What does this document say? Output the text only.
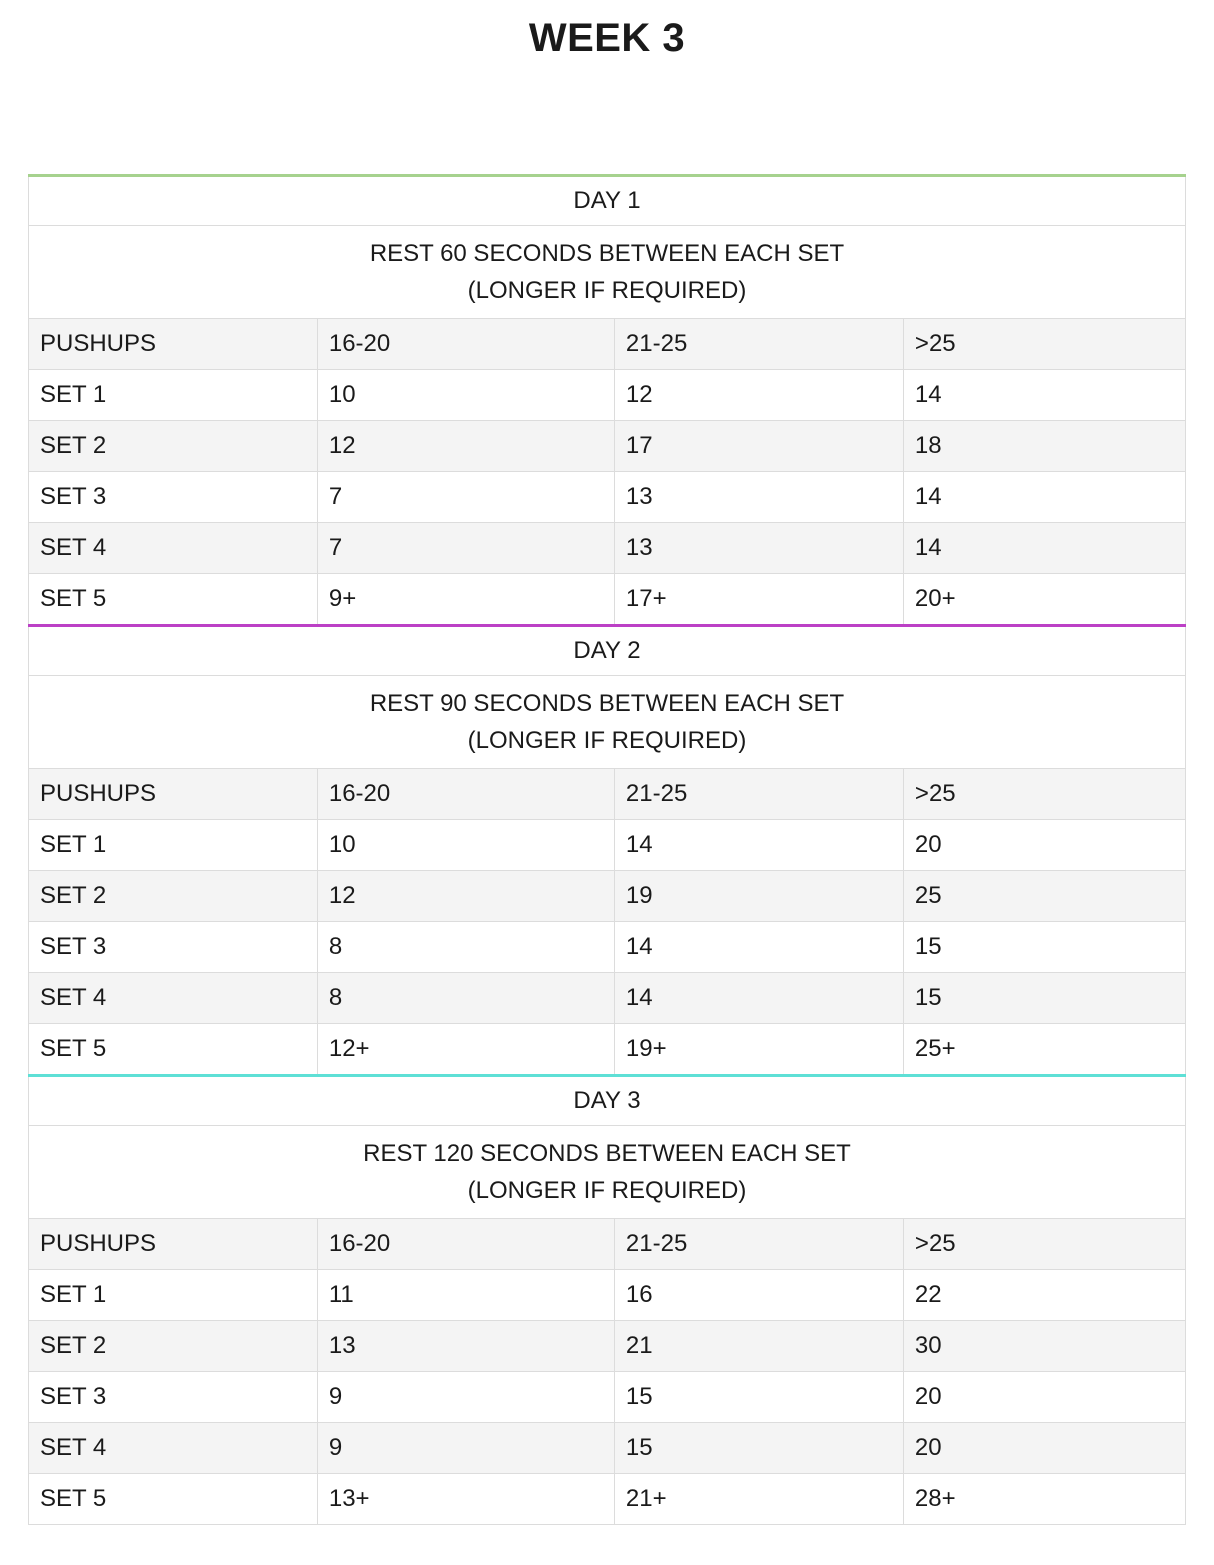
WEEK 3
DAY 1
REST 60 SECONDS BETWEEN EACH SET
(LONGER IF REQUIRED)
PUSHUPS	16-20	21-25	>25
SET 1	10	12	14
SET 2	12	17	18
SET 3	7	13	14
SET 4	7	13	14
SET 5	9+	17+	20+
DAY 2
REST 90 SECONDS BETWEEN EACH SET
(LONGER IF REQUIRED)
PUSHUPS	16-20	21-25	>25
SET 1	10	14	20
SET 2	12	19	25
SET 3	8	14	15
SET 4	8	14	15
SET 5	12+	19+	25+
DAY 3
REST 120 SECONDS BETWEEN EACH SET
(LONGER IF REQUIRED)
PUSHUPS	16-20	21-25	>25
SET 1	11	16	22
SET 2	13	21	30
SET 3	9	15	20
SET 4	9	15	20
SET 5	13+	21+	28+
